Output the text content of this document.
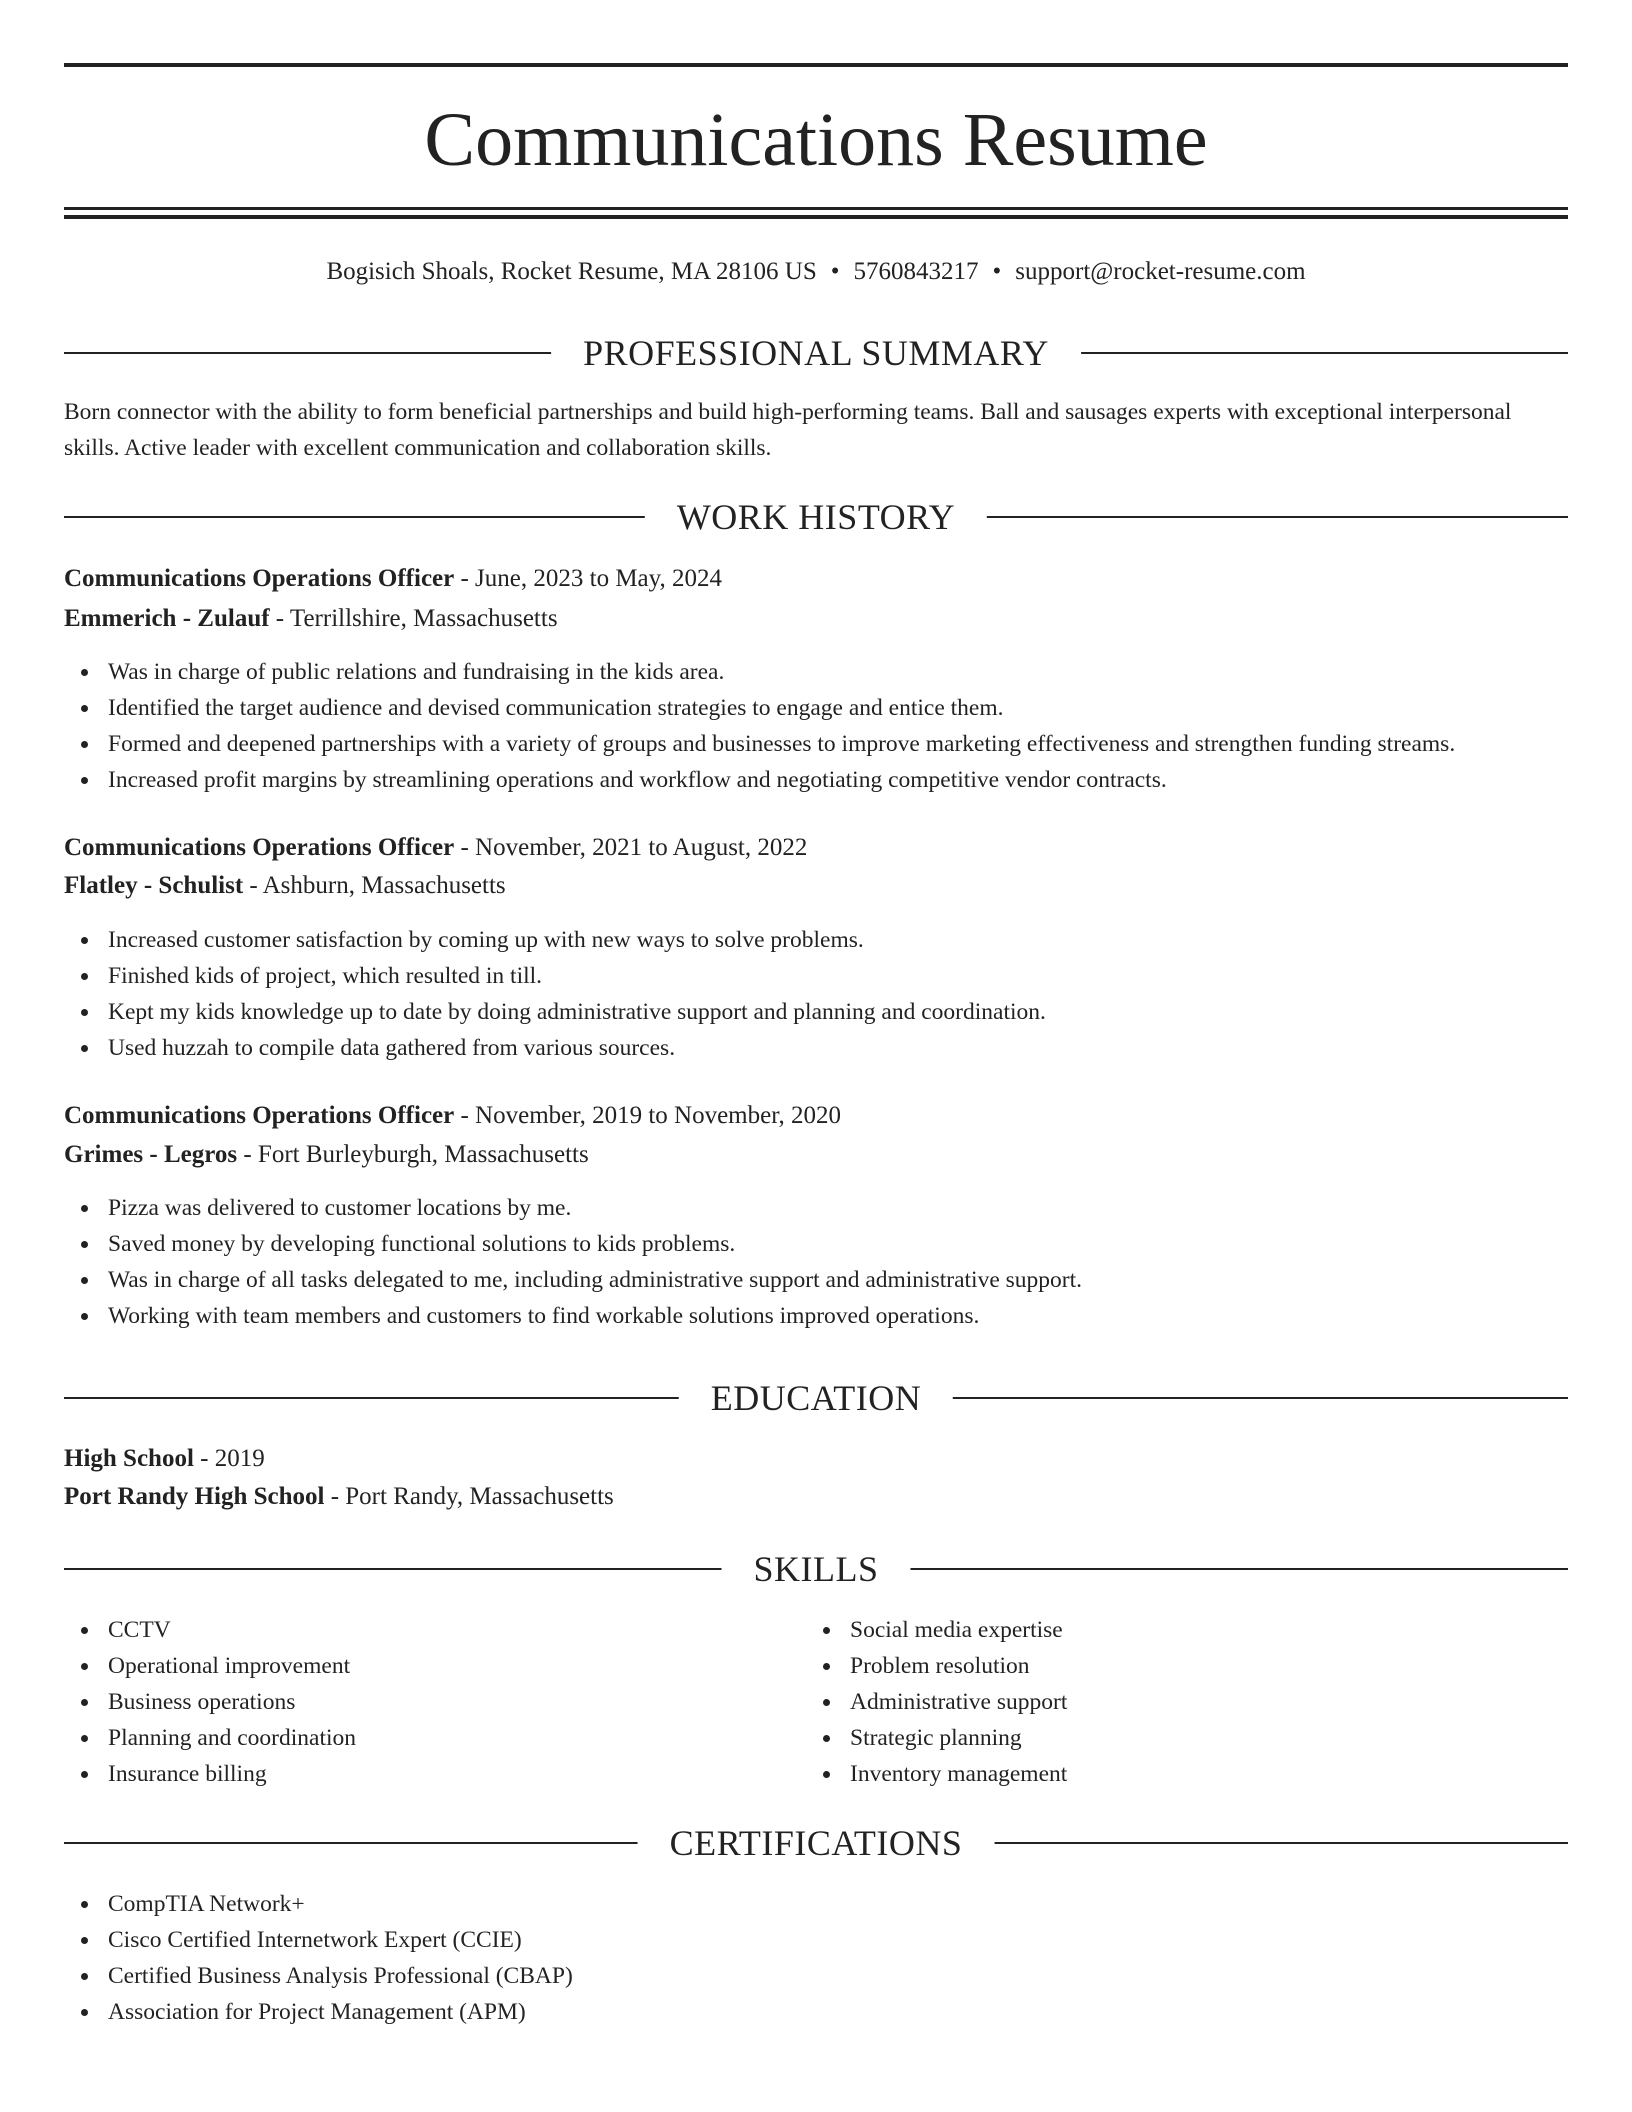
Communications Resume
Bogisich Shoals, Rocket Resume, MA 28106 US • 5760843217 • support@rocket-resume.com
PROFESSIONAL SUMMARY

Born connector with the ability to form beneficial partnerships and build high-performing teams. Ball and sausages experts with exceptional interpersonal skills. Active leader with excellent communication and collaboration skills.

WORK HISTORY
Communications Operations Officer - June, 2023 to May, 2024
Emmerich - Zulauf - Terrillshire, Massachusetts
Was in charge of public relations and fundraising in the kids area.
Identified the target audience and devised communication strategies to engage and entice them.
Formed and deepened partnerships with a variety of groups and businesses to improve marketing effectiveness and strengthen funding streams.
Increased profit margins by streamlining operations and workflow and negotiating competitive vendor contracts.
Communications Operations Officer - November, 2021 to August, 2022
Flatley - Schulist - Ashburn, Massachusetts
Increased customer satisfaction by coming up with new ways to solve problems.
Finished kids of project, which resulted in till.
Kept my kids knowledge up to date by doing administrative support and planning and coordination.
Used huzzah to compile data gathered from various sources.
Communications Operations Officer - November, 2019 to November, 2020
Grimes - Legros - Fort Burleyburgh, Massachusetts
Pizza was delivered to customer locations by me.
Saved money by developing functional solutions to kids problems.
Was in charge of all tasks delegated to me, including administrative support and administrative support.
Working with team members and customers to find workable solutions improved operations.
EDUCATION
High School - 2019
Port Randy High School - Port Randy, Massachusetts
SKILLS
CCTV
Operational improvement
Business operations
Planning and coordination
Insurance billing
Social media expertise
Problem resolution
Administrative support
Strategic planning
Inventory management
CERTIFICATIONS
CompTIA Network+
Cisco Certified Internetwork Expert (CCIE)
Certified Business Analysis Professional (CBAP)
Association for Project Management (APM)
